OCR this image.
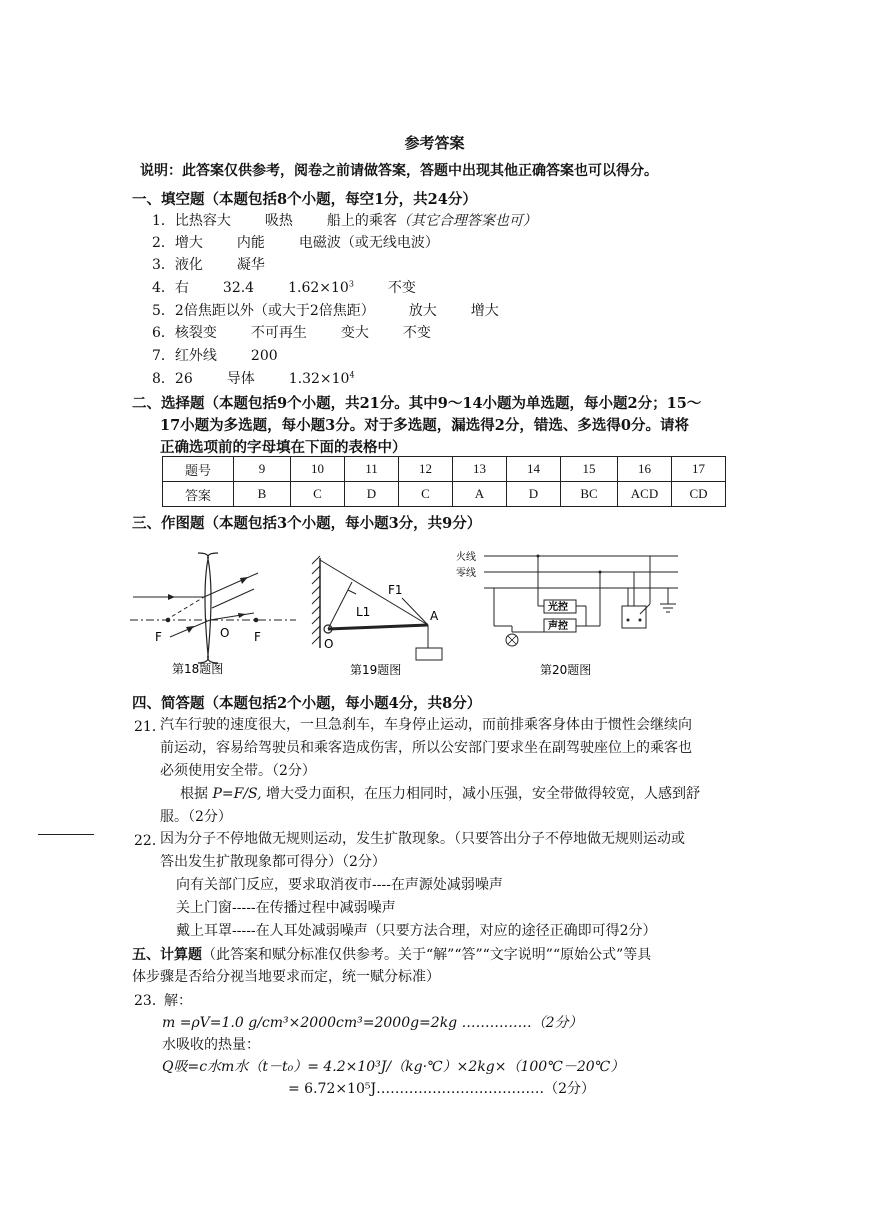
参考答案
说明：此答案仅供参考，阅卷之前请做答案，答题中出现其他正确答案也可以得分。
一、填空题（本题包括8个小题，每空1分，共24分）
1．比热容大 吸热 船上的乘客（其它合理答案也可）
2．增大 内能 电磁波（或无线电波）
3．液化 凝华
4．右 32.4 $1.62\times 10^3$ 不变
5．2倍焦距以外（或大于2倍焦距） 放大 增大
6．核裂变 不可再生 变大 不变
7．红外线 200
8．26 导体 $1.32\times 10^4$
二、选择题（本题包括9个小题，共21分。其中9～14小题为单选题，每小题2分；15～
17小题为多选题，每小题3分。对于多选题，漏选得2分，错选、多选得0分。请将
正确选项前的字母填在下面的表格中）
题号	9	10	11	12	13	14	15	16	17
答案	B	C	D	C	A	D	BC	ACD	CD
三、作图题（本题包括3个小题，每小题3分，共9分）
F	O F
第18题图
F1
L1
O
A
第19题图
火线
零线
光控
声控
第20题图
四、简答题（本题包括2个小题，每小题4分，共8分）
21．
汽车行驶的速度很大，一旦急刹车，车身停止运动，而前排乘客身体由于惯性会继续向
前运动，容易给驾驶员和乘客造成伤害，所以公安部门要求坐在副驾驶座位上的乘客也
必须使用安全带。（2分）
根据 P=F/S, 增大受力面积，在压力相同时，减小压强，安全带做得较宽，人感到舒
服。（2分）
22．
因为分子不停地做无规则运动，发生扩散现象。（只要答出分子不停地做无规则运动或
答出发生扩散现象都可得分）（2分）
向有关部门反应，要求取消夜市----在声源处减弱噪声
关上门窗-----在传播过程中减弱噪声
戴上耳罩-----在人耳处减弱噪声（只要方法合理，对应的途径正确即可得2分）
五、计算题（此答案和赋分标准仅供参考。关于“解”“答”“文字说明”“原始公式”等具
体步骤是否给分视当地要求而定，统一赋分标准）
23．
解：
m =ρV=1.0 g/cm³×2000cm³=2000g=2kg ……………（2分）
水吸收的热量：
Q吸=c水m水（t－t₀）= 4.2×10³J/（kg·℃）×2kg×（100℃－20℃）
= 6.72×10⁵J………………………………（2分）
